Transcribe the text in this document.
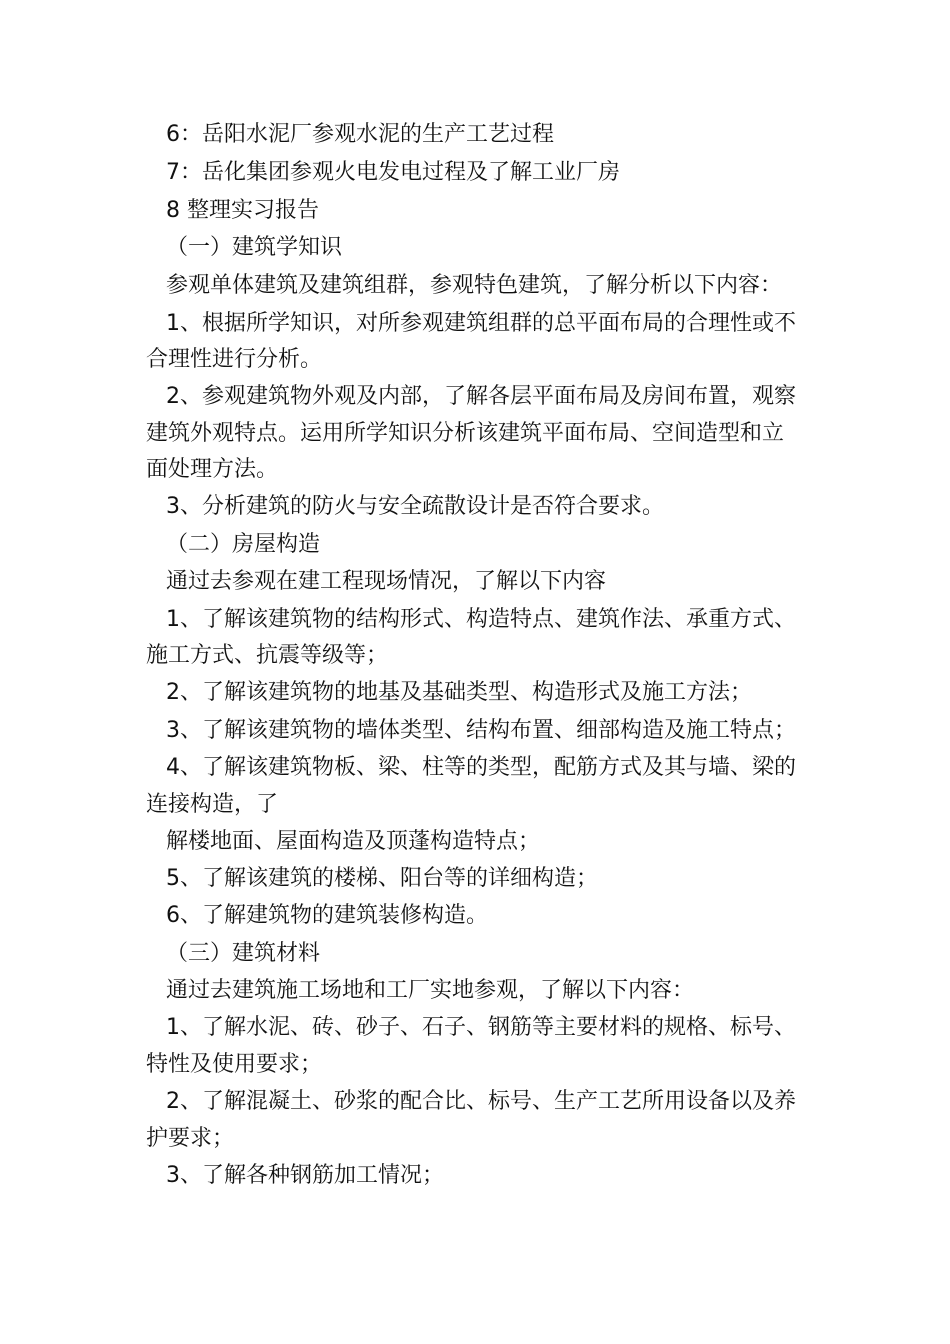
6：岳阳水泥厂参观水泥的生产工艺过程
7：岳化集团参观火电发电过程及了解工业厂房
8 整理实习报告
（一）建筑学知识
参观单体建筑及建筑组群，参观特色建筑，了解分析以下内容：
1、根据所学知识，对所参观建筑组群的总平面布局的合理性或不
合理性进行分析。
2、参观建筑物外观及内部，了解各层平面布局及房间布置，观察
建筑外观特点。运用所学知识分析该建筑平面布局、空间造型和立
面处理方法。
3、分析建筑的防火与安全疏散设计是否符合要求。
（二）房屋构造
通过去参观在建工程现场情况，了解以下内容
1、了解该建筑物的结构形式、构造特点、建筑作法、承重方式、
施工方式、抗震等级等；
2、了解该建筑物的地基及基础类型、构造形式及施工方法；
3、了解该建筑物的墙体类型、结构布置、细部构造及施工特点；
4、了解该建筑物板、梁、柱等的类型，配筋方式及其与墙、梁的
连接构造，了
解楼地面、屋面构造及顶蓬构造特点；
5、了解该建筑的楼梯、阳台等的详细构造；
6、了解建筑物的建筑装修构造。
（三）建筑材料
通过去建筑施工场地和工厂实地参观，了解以下内容：
1、了解水泥、砖、砂子、石子、钢筋等主要材料的规格、标号、
特性及使用要求；
2、了解混凝土、砂浆的配合比、标号、生产工艺所用设备以及养
护要求；
3、了解各种钢筋加工情况；
